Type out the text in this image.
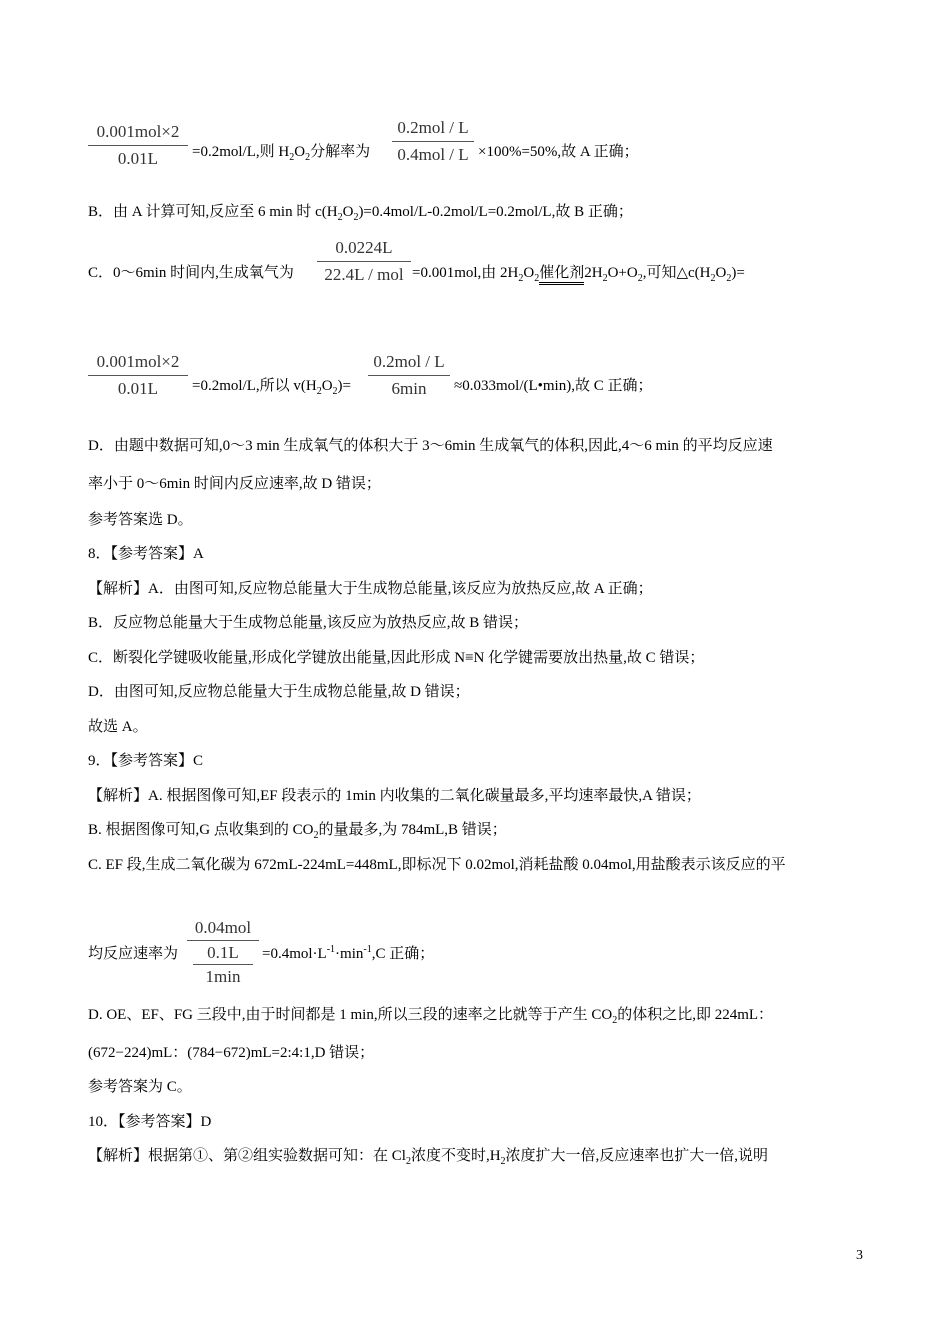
0.001mol×2
0.01L	=0.2mol/L,则 $H_2O_2$分解率为
0.2mol / L
0.4mol / L ×100%=50%,故 A 正确；
B．由 A 计算可知,反应至 6 min 时 $c(H_2O_2)=0.4mol/L-0.2mol/L=0.2mol/L$,故 B 正确；
C．0～6min 时间内,生成氧气为
0.0224L
22.4L / mol =0.001mol,由 $2H_2O_2$催化剂$2H_2O+O_2$,可知$\triangle c(H_2O_2)=$
0.001mol×2
0.01L	=0.2mol/L,所以 $v(H_2O_2)=$
0.2mol / L
6min	≈0.033mol/(L•min),故 C 正确；
D．由题中数据可知,0～3 min 生成氧气的体积大于 3～6min 生成氧气的体积,因此,4～6 min 的平均反应速
率小于 0～6min 时间内反应速率,故 D 错误；
参考答案选 D。
8．【参考答案】A
【解析】A．由图可知,反应物总能量大于生成物总能量,该反应为放热反应,故 A 正确；
B．反应物总能量大于生成物总能量,该反应为放热反应,故 B 错误；
C．断裂化学键吸收能量,形成化学键放出能量,因此形成 N≡N 化学键需要放出热量,故 C 错误；
D．由图可知,反应物总能量大于生成物总能量,故 D 错误；
故选 A。
9．【参考答案】C
【解析】A. 根据图像可知,EF 段表示的 1min 内收集的二氧化碳量最多,平均速率最快,A 错误；
B. 根据图像可知,G 点收集到的 $CO_2$的量最多,为 784mL,B 错误；
C. EF 段,生成二氧化碳为 672mL-224mL=448mL,即标况下 0.02mol,消耗盐酸 0.04mol,用盐酸表示该反应的平
均反应速率为
0.04mol
0.1L
1min
$=0.4mol\cdot L^{-1}\cdot\min^{-1},C$ 正确；
D. OE、EF、FG 三段中,由于时间都是 1 min,所以三段的速率之比就等于产生 $CO_2$的体积之比,即 224mL：
(672−224)mL：(784−672)mL=2:4:1,D 错误；
参考答案为 C。
10．【参考答案】D
【解析】根据第①、第②组实验数据可知：在 $Cl_2$浓度不变时$,H_2$浓度扩大一倍,反应速率也扩大一倍,说明
3
